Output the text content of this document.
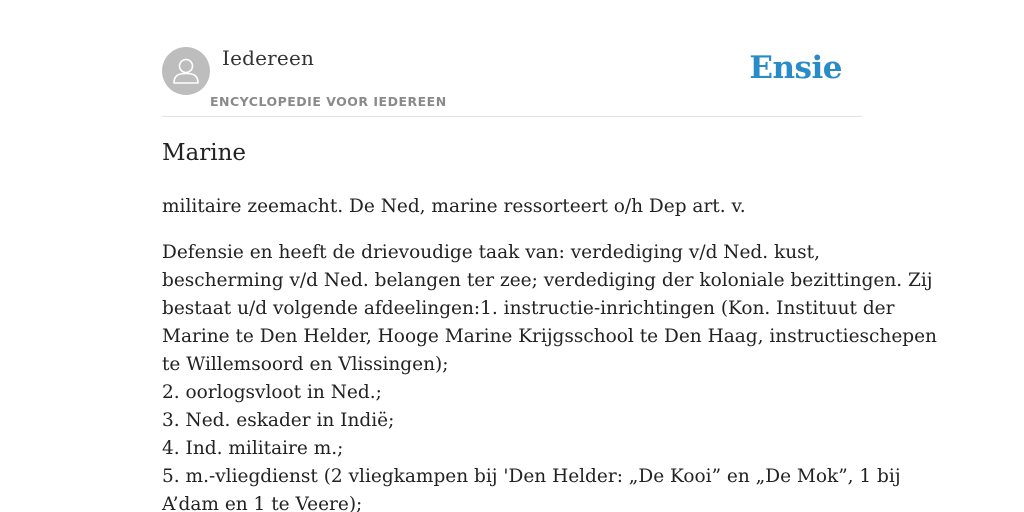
Iedereen
ENCYCLOPEDIE VOOR IEDEREEN
Ensie
Marine

militaire zeemacht. De Ned, marine ressorteert o/h Dep art. v.

Defensie en heeft de drievoudige taak van: verdediging v/d Ned. kust,
bescherming v/d Ned. belangen ter zee; verdediging der koloniale bezittingen. Zij
bestaat u/d volgende afdeelingen:1. instructie-inrichtingen (Kon. Instituut der
Marine te Den Helder, Hooge Marine Krijgsschool te Den Haag, instructieschepen
te Willemsoord en Vlissingen);
2. oorlogsvloot in Ned.;
3. Ned. eskader in Indië;
4. Ind. militaire m.;
5. m.-vliegdienst (2 vliegkampen bij 'Den Helder: „De Kooi” en „De Mok”, 1 bij
A’dam en 1 te Veere);
